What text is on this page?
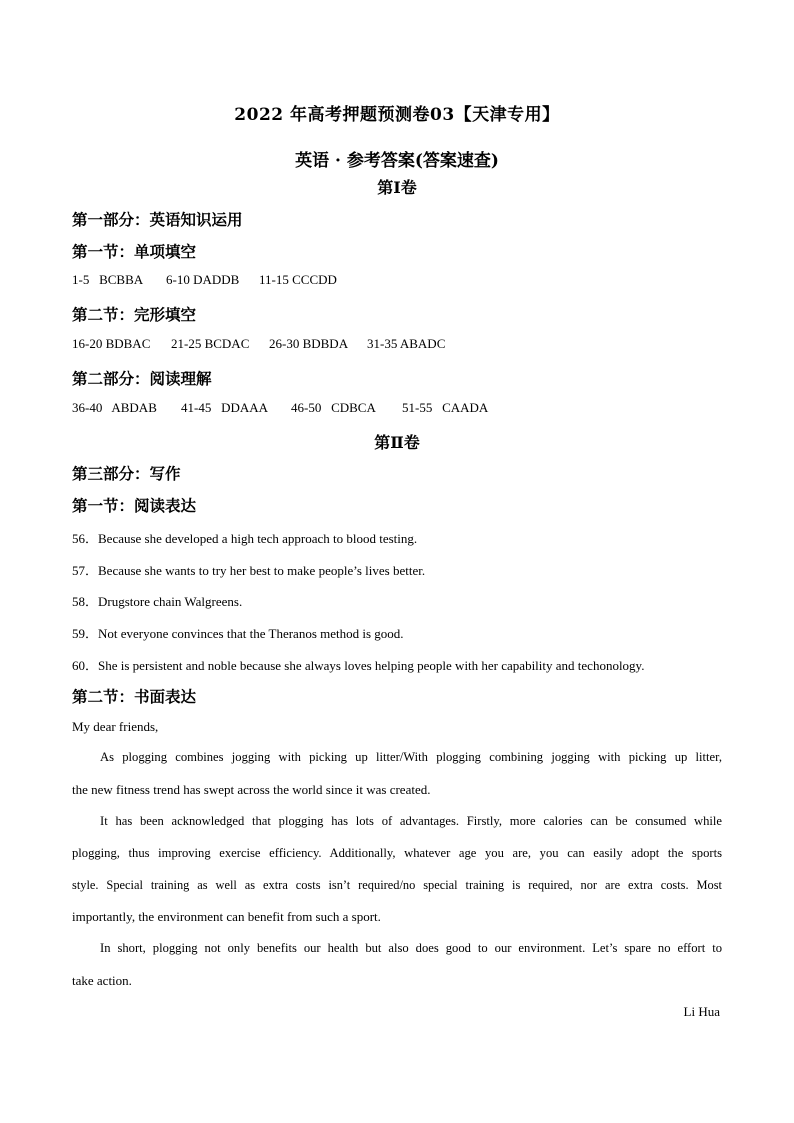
2022 年高考押题预测卷03【天津专用】
英语 · 参考答案(答案速查)
第Ⅰ卷
第一部分：英语知识运用
第一节：单项填空
1-5   BCBBA 6-10 DADDB 11-15 CCCDD
第二节：完形填空
16-20 BDBAC 21-25 BCDAC 26-30 BDBDA 31-35 ABADC
第二部分：阅读理解
36-40   ABDAB 41-45   DDAAA 46-50   CDBCA 51-55   CAADA
第Ⅱ卷
第三部分：写作
第一节：阅读表达
56．Because she developed a high tech approach to blood testing.
57．Because she wants to try her best to make people’s lives better.
58．Drugstore chain Walgreens.
59．Not everyone convinces that the Theranos method is good.
60．She is persistent and noble because she always loves helping people with her capability and techonology.
第二节：书面表达
My dear friends,
As plogging combines jogging with picking up litter/With plogging combining jogging with picking up litter,
the new fitness trend has swept across the world since it was created.
It has been acknowledged that plogging has lots of advantages. Firstly, more calories can be consumed while
plogging, thus improving exercise efficiency. Additionally, whatever age you are, you can easily adopt the sports
style. Special training as well as extra costs isn’t required/no special training is required, nor are extra costs. Most
importantly, the environment can benefit from such a sport.
In short, plogging not only benefits our health but also does good to our environment. Let’s spare no effort to
take action.
Li Hua
